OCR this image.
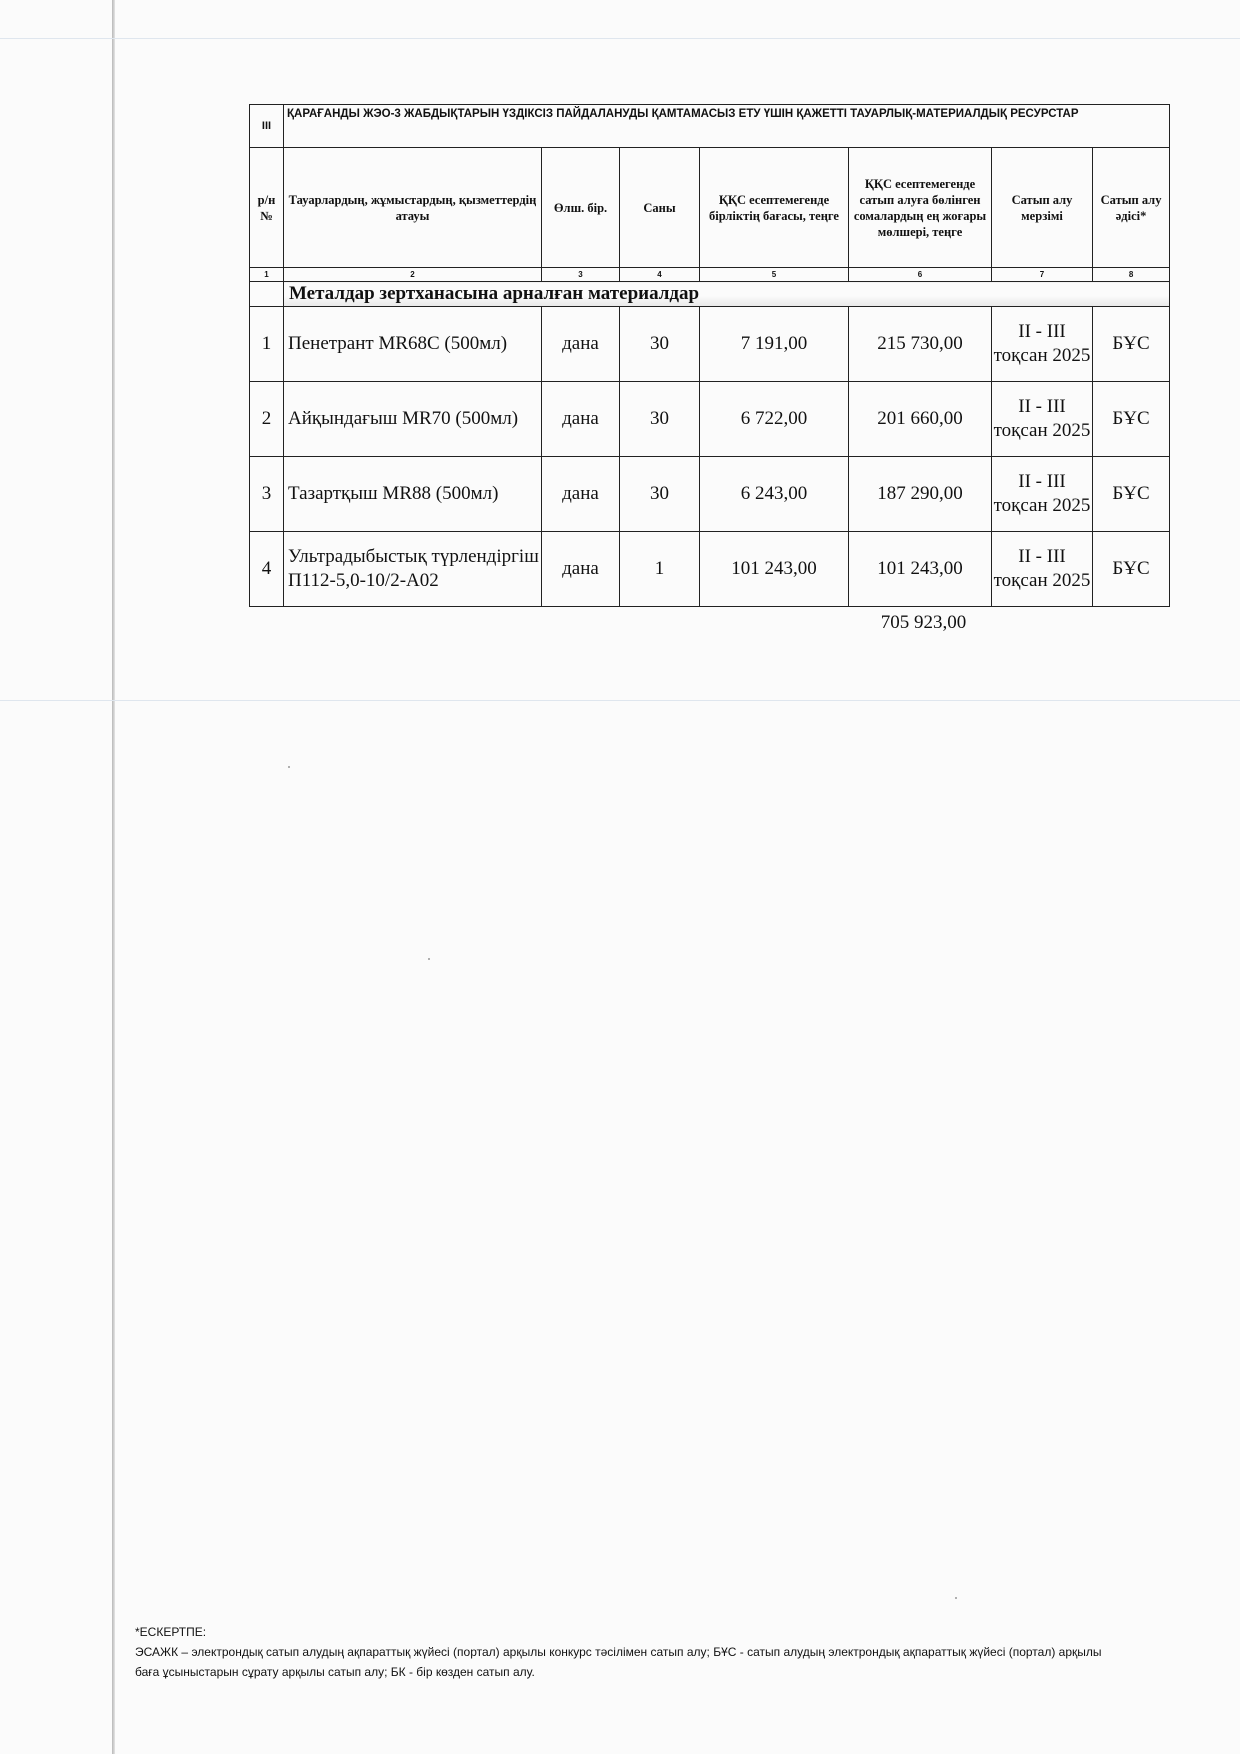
III	ҚАРАҒАНДЫ ЖЭО-3 ЖАБДЫҚТАРЫН ҮЗДІКСІЗ ПАЙДАЛАНУДЫ ҚАМТАМАСЫЗ ЕТУ ҮШІН ҚАЖЕТТІ ТАУАРЛЫҚ-МАТЕРИАЛДЫҚ РЕСУРСТАР						
р/н №	Тауарлардың, жұмыстардың, қызметтердің атауы	Өлш. бір.	Саны	ҚҚС есептемегенде бірліктің бағасы, теңге	ҚҚС есептемегенде сатып алуға бөлінген сомалардың ең жоғары мөлшері, теңге	Сатып алу мерзімі	Сатып алу әдісі*
1	2	3	4	5	6	7	8
	Металдар зертханасына арналған материалдар						
1	Пенетрант MR68C (500мл)	дана	30	7 191,00	215 730,00	II - III тоқсан 2025	БҰС
2	Айқындағыш MR70 (500мл)	дана	30	6 722,00	201 660,00	II - III тоқсан 2025	БҰС
3	Тазартқыш MR88 (500мл)	дана	30	6 243,00	187 290,00	II - III тоқсан 2025	БҰС
4	Ультрадыбыстық түрлендіргіш П112-5,0-10/2-А02	дана	1	101 243,00	101 243,00	II - III тоқсан 2025	БҰС
705 923,00
*ЕСКЕРТПЕ:
ЭСАЖК – электрондық сатып алудың ақпараттық жүйесі (портал) арқылы конкурс тәсілімен сатып алу; БҰС - сатып алудың электрондық ақпараттық жүйесі (портал) арқылы
баға ұсыныстарын сұрату арқылы сатып алу; БК - бір көзден сатып алу.
